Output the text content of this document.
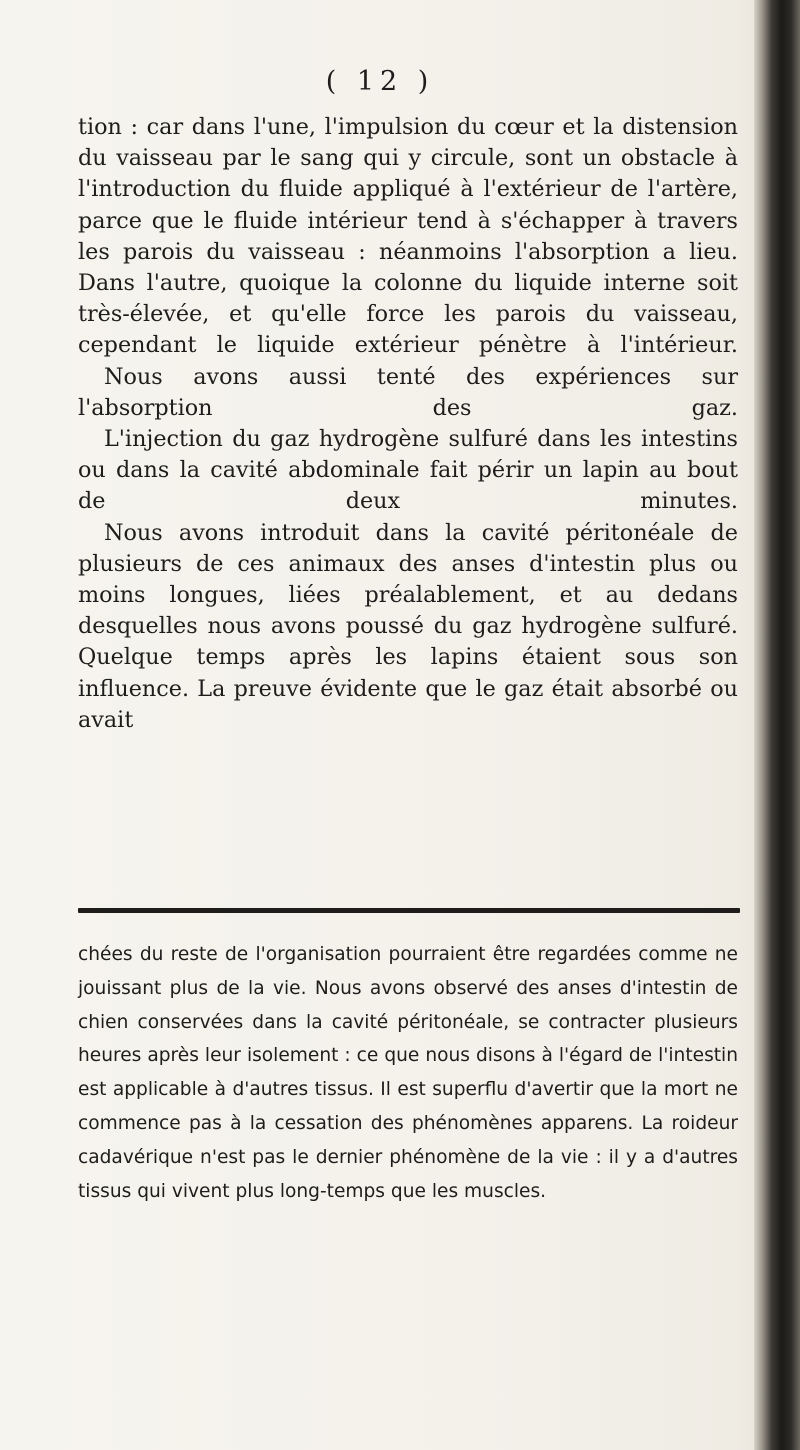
( 12 )

tion : car dans l'une, l'impulsion du cœur et la distension du vaisseau par le sang qui y circule, sont un obstacle à l'introduction du fluide appliqué à l'extérieur de l'artère, parce que le fluide intérieur tend à s'échapper à travers les parois du vaisseau : néanmoins l'absorption a lieu. Dans l'autre, quoique la colonne du liquide interne soit très-élevée, et qu'elle force les parois du vaisseau, cependant le liquide extérieur pénètre à l'intérieur.

Nous avons aussi tenté des expériences sur l'absorption des gaz.

L'injection du gaz hydrogène sulfuré dans les intestins ou dans la cavité abdominale fait périr un lapin au bout de deux minutes.

Nous avons introduit dans la cavité péritonéale de plusieurs de ces animaux des anses d'intestin plus ou moins longues, liées préalablement, et au dedans desquelles nous avons poussé du gaz hydrogène sulfuré. Quelque temps après les lapins étaient sous son influence. La preuve évidente que le gaz était absorbé ou avait

chées du reste de l'organisation pourraient être regardées comme ne jouissant plus de la vie. Nous avons observé des anses d'intestin de chien conservées dans la cavité péritonéale, se contracter plusieurs heures après leur isolement : ce que nous disons à l'égard de l'intestin est applicable à d'autres tissus. Il est superflu d'avertir que la mort ne commence pas à la cessation des phénomènes apparens. La roideur cadavérique n'est pas le dernier phénomène de la vie : il y a d'autres tissus qui vivent plus long-temps que les muscles.
